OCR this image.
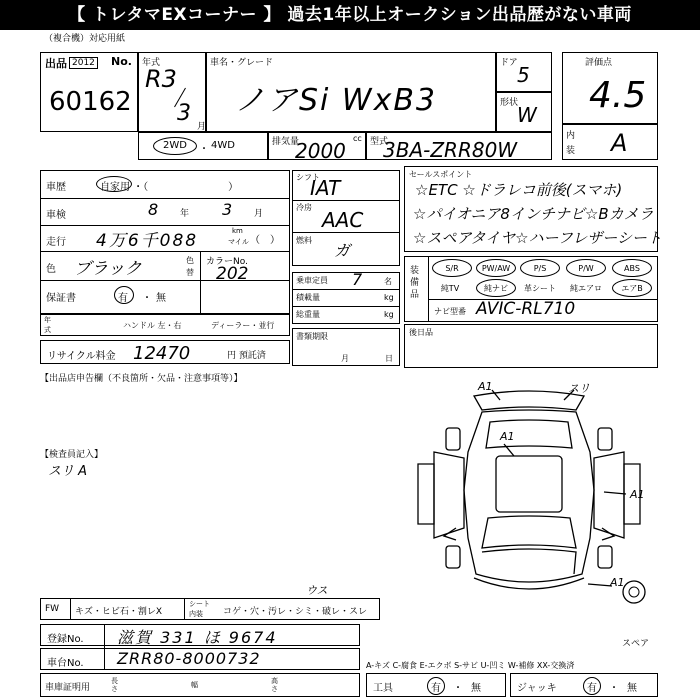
【 トレタマEXコーナー 】 過去1年以上オークション出品歴がない車両
（複合機）対応用紙
出品 2012 No.
60162
年式
R3
3
月
車名・グレード
ノアSi WxB3
ドア 5
形状
W
評価点
4.5
内
装 A
2WD ・ 4WD	排気量	cc
2000	型式
3BA-ZRR80W
車歴	自家用 ・（　　　　　　　　）
車検	8 年 3 月
走行 4万6千088	km
マイル （　）
色 ブラック	色
替
カラーNo.
202
保証書	有 ・ 無
年
式	ハンドル 左・右	ディーラー・並行
リサイクル料金 12470	円 預託済
シフト
IAT
冷房
AAC
燃料
ガ
乗車定員 7	名
積載量	kg
総重量	kg
書類期限
月	日
セールスポイント
☆ETC ☆ドラレコ前後(スマホ)
☆パイオニア8インチナビ☆Bカメラ
☆スペアタイヤ☆ハーフレザーシート
装備品
S/R	PW/AW	P/S	P/W	ABS
純TV	純ナビ	革シート	純エアロ	エアB
ナビ型番 AVIC-RL710
後日品
【出品店申告欄（不良箇所・欠品・注意事項等）】
【検査員記入】
スリ A
A1	スリ
A1
A1
A1
スペア
FW キズ・ヒビ石・割レX
シート
内装 コゲ・穴・汚レ・シミ・破レ・スレ
ウス
登録No. 滋賀 331 ほ 9674
車台No. ZRR80-8000732	A-キズ C-腐食 E-エクボ S-サビ U-凹ミ W-補修 XX-交換済
車庫証明用
長さ	幅	高さ	工具	有 ・ 無	ジャッキ	有 ・ 無
